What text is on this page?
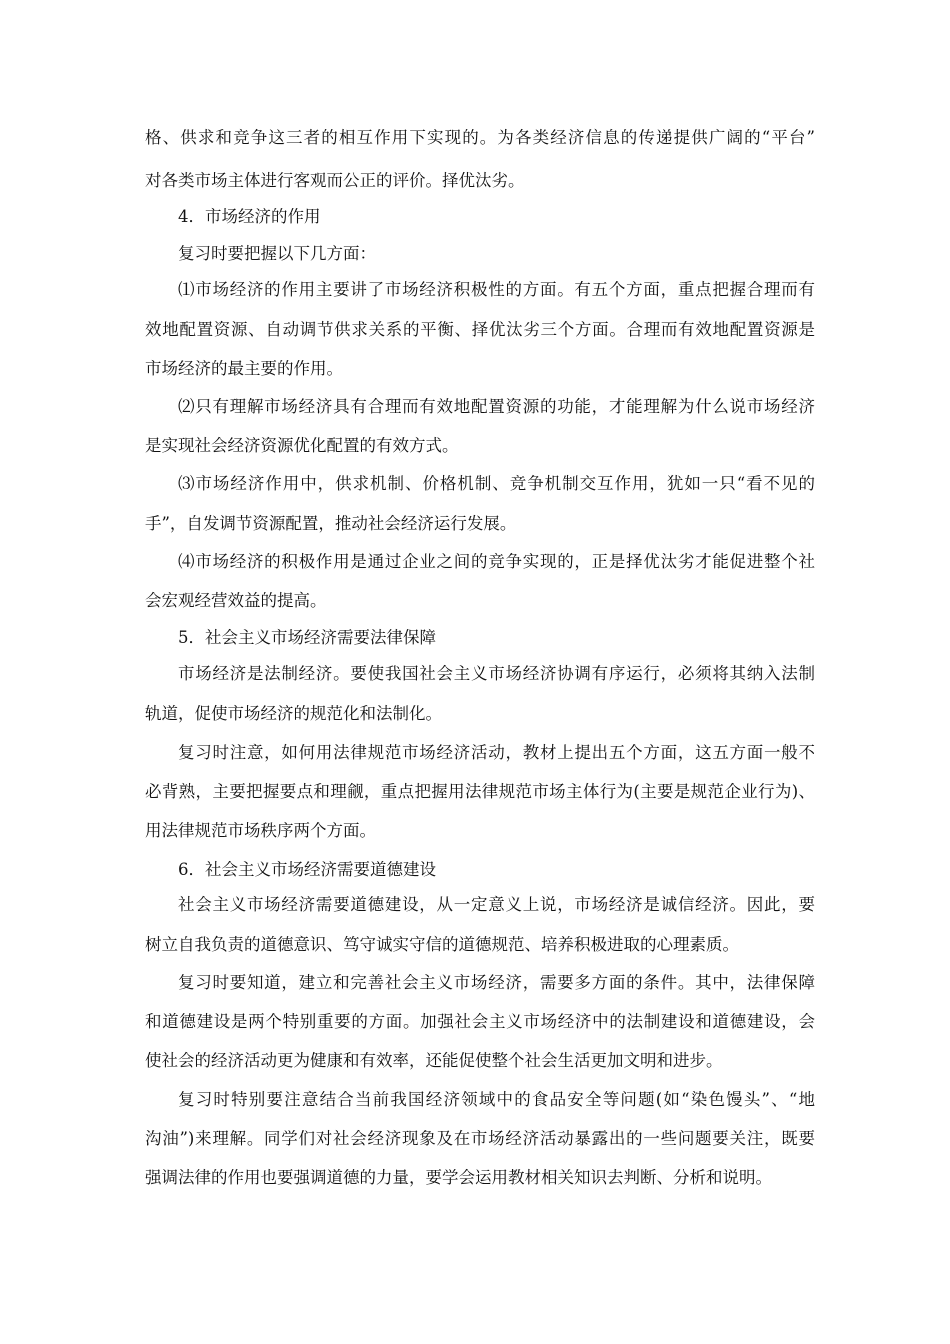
格、供求和竞争这三者的相互作用下实现的。为各类经济信息的传递提供广阔的“平台”
对各类市场主体进行客观而公正的评价。择优汰劣。
4．市场经济的作用
复习时要把握以下几方面：
⑴市场经济的作用主要讲了市场经济积极性的方面。有五个方面，重点把握合理而有
效地配置资源、自动调节供求关系的平衡、择优汰劣三个方面。合理而有效地配置资源是
市场经济的最主要的作用。
⑵只有理解市场经济具有合理而有效地配置资源的功能，才能理解为什么说市场经济
是实现社会经济资源优化配置的有效方式。
⑶市场经济作用中，供求机制、价格机制、竞争机制交互作用，犹如一只“看不见的
手”，自发调节资源配置，推动社会经济运行发展。
⑷市场经济的积极作用是通过企业之间的竞争实现的，正是择优汰劣才能促进整个社
会宏观经营效益的提高。
5．社会主义市场经济需要法律保障
市场经济是法制经济。要使我国社会主义市场经济协调有序运行，必须将其纳入法制
轨道，促使市场经济的规范化和法制化。
复习时注意，如何用法律规范市场经济活动，教材上提出五个方面，这五方面一般不
必背熟，主要把握要点和理觎，重点把握用法律规范市场主体行为(主要是规范企业行为)、
用法律规范市场秩序两个方面。
6．社会主义市场经济需要道德建设
社会主义市场经济需要道德建设，从一定意义上说，市场经济是诚信经济。因此，要
树立自我负责的道德意识、笃守诚实守信的道德规范、培养积极进取的心理素质。
复习时要知道，建立和完善社会主义市场经济，需要多方面的条件。其中，法律保障
和道德建设是两个特别重要的方面。加强社会主义市场经济中的法制建设和道德建设，会
使社会的经济活动更为健康和有效率，还能促使整个社会生活更加文明和进步。
复习时特别要注意结合当前我国经济领域中的食品安全等问题(如“染色馒头”、“地
沟油”)来理解。同学们对社会经济现象及在市场经济活动暴露出的一些问题要关注，既要
强调法律的作用也要强调道德的力量，要学会运用教材相关知识去判断、分析和说明。
